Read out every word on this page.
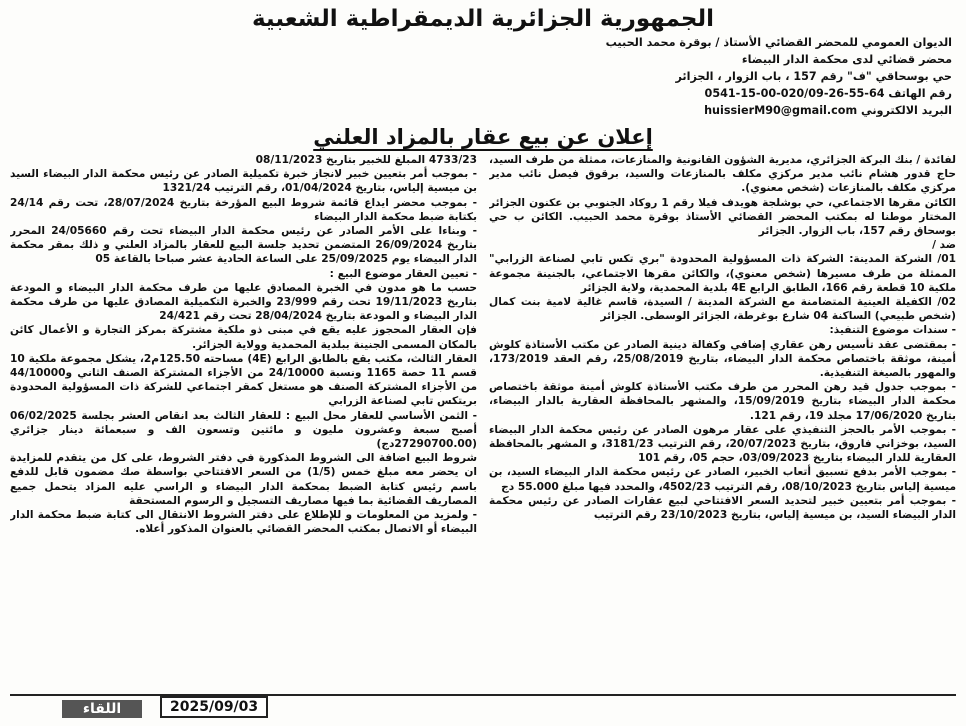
الجمهورية الجزائرية الديمقراطية الشعبية
الديوان العمومي للمحضر القضائي الأستاذ / بوقرة محمد الحبيب
محضر قضائي لدى محكمة الدار البيضاء
حي بوسحاقي "ف" رقم 157 ، باب الزوار ، الجزائر
رقم الهاتف 64-55-26-020/09-00-15-0541
البريد الالكتروني huissierM90@gmail.com
إعلان عن بيع عقار بالمزاد العلني

لفائدة / بنك البركة الجزائري، مديرية الشؤون القانونية والمنازعات، ممثلة من طرف السيد، حاج قدور هشام نائب مدير مركزي مكلف بالمنازعات والسيد، برقوق فيصل نائب مدير مركزي مكلف بالمنازعات (شخص معنوي).

الكائن مقرها الاجتماعي، حي بوشلجة هويدف فيلا رقم 1 روكاد الجنوبي بن عكنون الجزائر المختار موطنا له بمكتب المحضر القضائي الأستاذ بوقرة محمد الحبيب. الكائن ب حي بوسحاق رقم 157، باب الزوار. الجزائر

ضد /

01/ الشركة المدينة: الشركة ذات المسؤولية المحدودة "بري تكس تابي لصناعة الزرابي" الممثلة من طرف مسيرها (شخص معنوي)، والكائن مقرها الاجتماعي، بالجنينة مجموعة ملكية 10 قطعة رقم 166، الطابق الرابع 4E بلدية المحمدية، ولاية الجزائر

02/ الكفيلة العينية المتضامنة مع الشركة المدينة / السيدة، قاسم غالية لامية بنت كمال (شخص طبيعي) الساكنة 04 شارع بوغرطة، الجزائر الوسطى. الجزائر

- سندات موضوع التنفيذ:

- بمقتضى عقد تأسيس رهن عقاري إضافي وكفالة دينية الصادر عن مكتب الأستاذة كلوش أمينة، موثقة باختصاص محكمة الدار البيضاء، بتاريخ 25/08/2019، رقم العقد 173/2019، والمهور بالصيغة التنفيذية.

- بموجب جدول قيد رهن المحرر من طرف مكتب الأستاذة كلوش أمينة موثقة باختصاص محكمة الدار البيضاء بتاريخ 15/09/2019، والمشهر بالمحافظة العقارية بالدار البيضاء، بتاريخ 17/06/2020 مجلد 19، رقم 121.

- بموجب الأمر بالحجز التنفيذي على عقار مرهون الصادر عن رئيس محكمة الدار البيضاء السيد، بوخزاني فاروق، بتاريخ 20/07/2023، رقم الترتيب 3181/23، و المشهر بالمحافظة العقارية للدار البيضاء بتاريخ 03/09/2023، حجم 05، رقم 101

- بموجب الأمر بدفع تسبيق أتعاب الخبير، الصادر عن رئيس محكمة الدار البيضاء السيد، بن ميسية إلياس بتاريخ 08/10/2023، رقم الترتيب 4502/23، والمحدد فيها مبلغ 55.000 دج

- بموجب أمر بتعيين خبير لتحديد السعر الافتتاحي لبيع عقارات الصادر عن رئيس محكمة الدار البيضاء السيد، بن ميسية إلياس، بتاريخ 23/10/2023 رقم الترتيب

4733/23 المبلغ للخبير بتاريخ 08/11/2023

- بموجب أمر بتعيين خبير لانجاز خبرة تكميلية الصادر عن رئيس محكمة الدار البيضاء السيد بن ميسية إلياس، بتاريخ 01/04/2024، رقم الترتيب 1321/24

- بموجب محضر ايداع قائمة شروط البيع المؤرخة بتاريخ 28/07/2024، تحت رقم 24/14 بكتابة ضبط محكمة الدار البيضاء

- وبناءا على الأمر الصادر عن رئيس محكمة الدار البيضاء تحت رقم 24/05660 المحرر بتاريخ 26/09/2024 المتضمن تحديد جلسة البيع للعقار بالمزاد العلني و ذلك بمقر محكمة الدار البيضاء يوم 25/09/2025 على الساعة الحادية عشر صباحا بالقاعة 05

- تعيين العقار موضوع البيع :

حسب ما هو مدون في الخبرة المصادق عليها من طرف محكمة الدار البيضاء و المودعة بتاريخ 19/11/2023 تحت رقم 23/999 والخبرة التكميلية المصادق عليها من طرف محكمة الدار البيضاء و المودعة بتاريخ 28/04/2024 تحت رقم 24/421

فإن العقار المحجوز عليه يقع في مبنى ذو ملكية مشتركة بمركز التجارة و الأعمال كائن بالمكان المسمى الجنينة ببلدية المحمدية وولاية الجزائر.

العقار الثالث، مكتب يقع بالطابق الرابع (4E) مساحته 125.50م2، يشكل مجموعة ملكية 10 قسم 11 حصة 1165 ونسبة 24/10000 من الأجزاء المشتركة الصنف الثاني و44/10000 من الأجزاء المشتركة الصنف هو مستغل كمقر اجتماعي للشركة ذات المسؤولية المحدودة بريتكس تابي لصناعة الزرابي

- الثمن الأساسي للعقار محل البيع : للعقار الثالث بعد انقاص العشر بجلسة 06/02/2025 أصبح سبعة وعشرون مليون و مائتين وتسعون الف و سبعمائة دينار جزائري (27290700.00دج)

شروط البيع اضافة الى الشروط المذكورة في دفتر الشروط، على كل من يتقدم للمزايدة ان يحضر معه مبلغ خمس (1/5) من السعر الافتتاحي بواسطة صك مضمون قابل للدفع باسم رئيس كتابة الضبط بمحكمة الدار البيضاء و الراسي عليه المزاد يتحمل جميع المصاريف القضائية بما فيها مصاريف التسجيل و الرسوم المستحقة

- ولمزيد من المعلومات و للإطلاع على دفتر الشروط الانتقال الى كتابة ضبط محكمة الدار البيضاء أو الاتصال بمكتب المحضر القضائي بالعنوان المذكور أعلاه.

2025/09/03
اللقاء
